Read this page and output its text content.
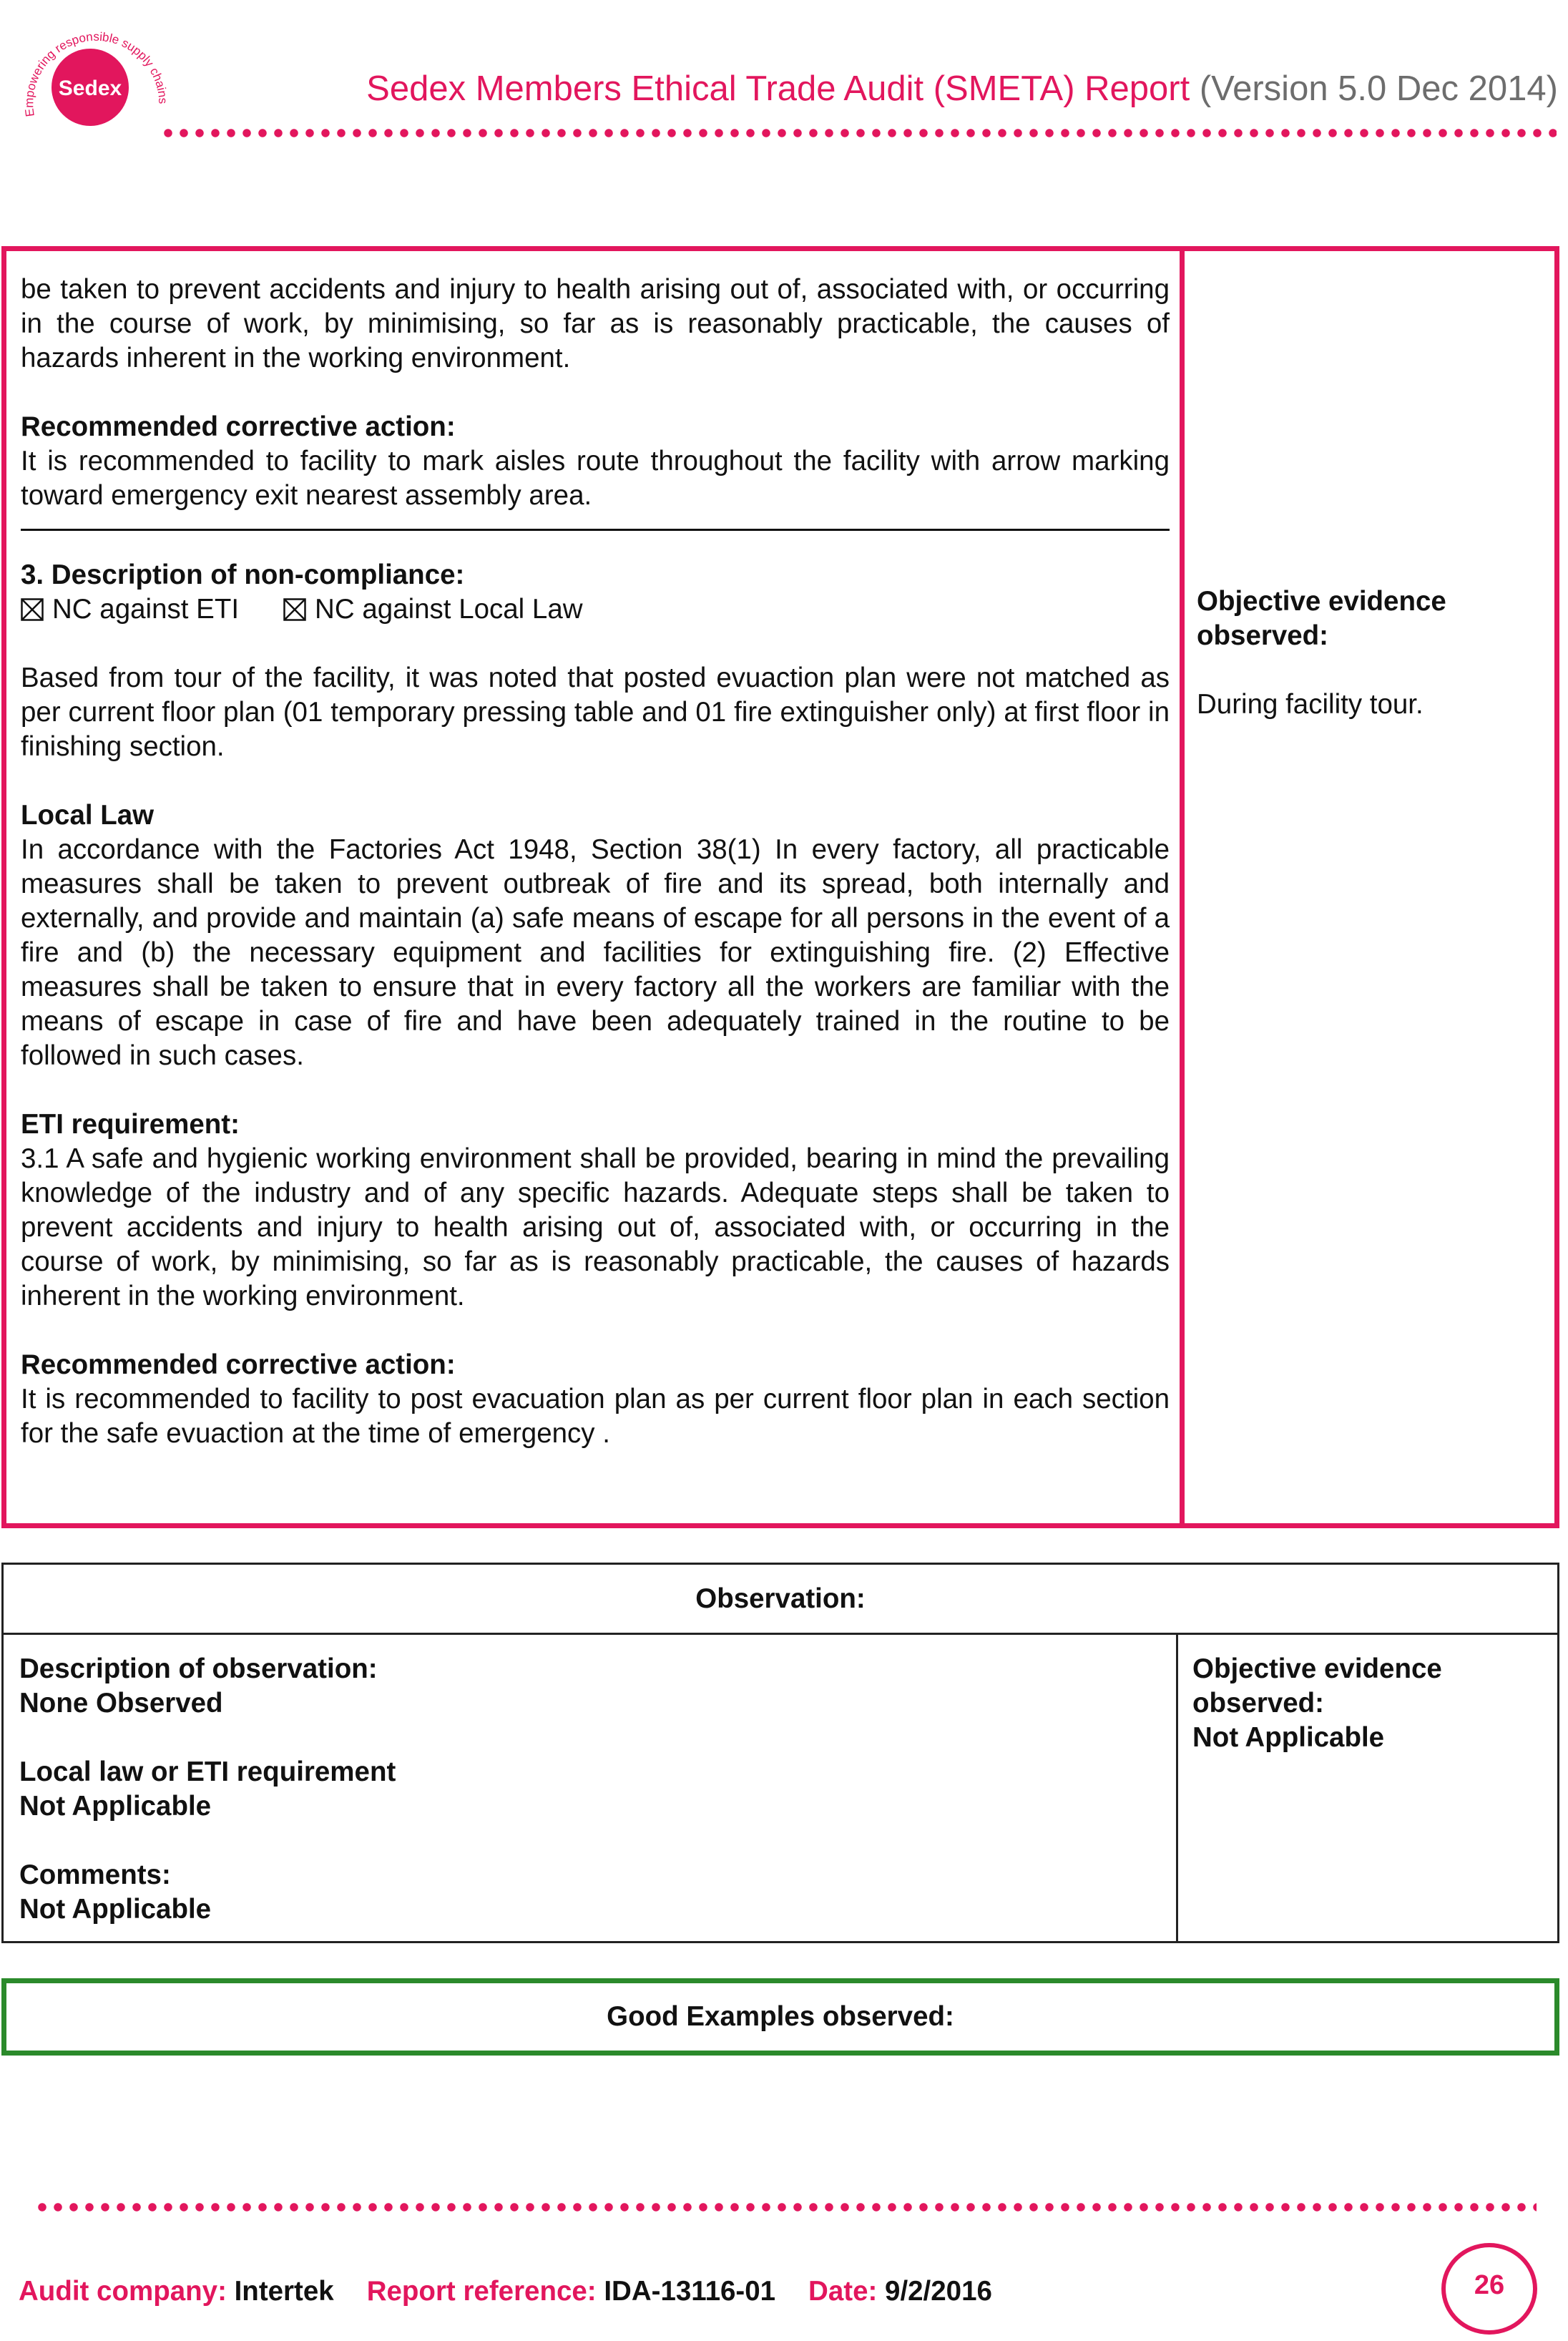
Sedex
Empowering responsible supply chains	Sedex Members Ethical Trade Audit (SMETA) Report (Version 5.0 Dec 2014)
be taken to prevent accidents and injury to health arising out of, associated with, or occurring in the course of work, by minimising, so far as is reasonably practicable, the causes of hazards inherent in the working environment.
Recommended corrective action:
It is recommended to facility to mark aisles route throughout the facility with arrow marking toward emergency exit nearest assembly area.
3. Description of non-compliance:
NC against ETI	NC against Local Law
Based from tour of the facility, it was noted that posted evuaction plan were not matched as per current floor plan (01 temporary pressing table and 01 fire extinguisher only) at first floor in finishing section.
Local Law
In accordance with the Factories Act 1948, Section 38(1) In every factory, all practicable measures shall be taken to prevent outbreak of fire and its spread, both internally and externally, and provide and maintain (a) safe means of escape for all persons in the event of a fire and (b) the necessary equipment and facilities for extinguishing fire. (2) Effective measures shall be taken to ensure that in every factory all the workers are familiar with the means of escape in case of fire and have been adequately trained in the routine to be followed in such cases.
ETI requirement:
3.1 A safe and hygienic working environment shall be provided, bearing in mind the prevailing knowledge of the industry and of any specific hazards. Adequate steps shall be taken to prevent accidents and injury to health arising out of, associated with, or occurring in the course of work, by minimising, so far as is reasonably practicable, the causes of hazards inherent in the working environment.
Recommended corrective action:
It is recommended to facility to post evacuation plan as per current floor plan in each section for the safe evuaction at the time of emergency .
Objective evidence observed:
During facility tour.
Observation:
Description of observation:
None Observed
Local law or ETI requirement
Not Applicable
Comments:
Not Applicable
Objective evidence observed:
Not Applicable
Good Examples observed:
Audit company: Intertek Report reference: IDA-13116-01 Date: 9/2/2016	26
